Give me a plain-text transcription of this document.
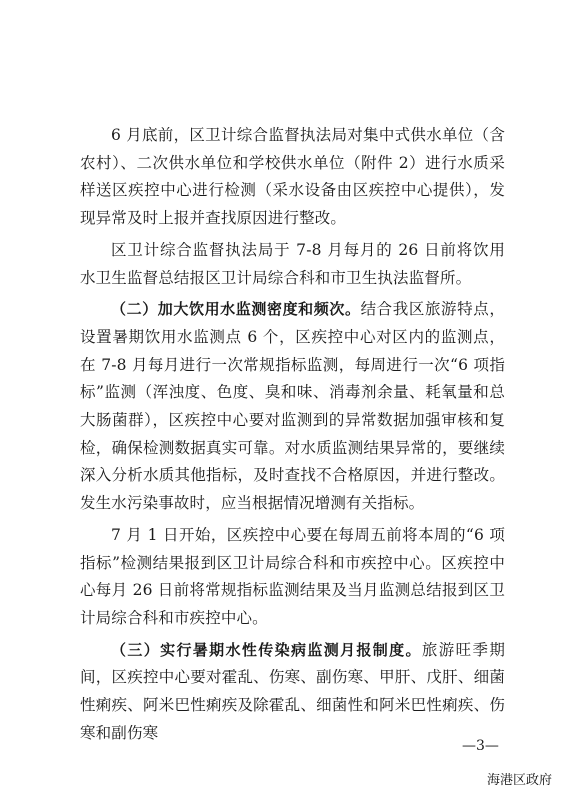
6 月底前，区卫计综合监督执法局对集中式供水单位（含农村）、二次供水单位和学校供水单位（附件 2）进行水质采样送区疾控中心进行检测（采水设备由区疾控中心提供），发现异常及时上报并查找原因进行整改。

区卫计综合监督执法局于 7-8 月每月的 26 日前将饮用水卫生监督总结报区卫计局综合科和市卫生执法监督所。

（二）加大饮用水监测密度和频次。结合我区旅游特点，设置暑期饮用水监测点 6 个，区疾控中心对区内的监测点，在 7-8 月每月进行一次常规指标监测，每周进行一次“6 项指标”监测（浑浊度、色度、臭和味、消毒剂余量、耗氧量和总大肠菌群），区疾控中心要对监测到的异常数据加强审核和复检，确保检测数据真实可靠。对水质监测结果异常的，要继续深入分析水质其他指标，及时查找不合格原因，并进行整改。发生水污染事故时，应当根据情况增测有关指标。

7 月 1 日开始，区疾控中心要在每周五前将本周的“6 项指标”检测结果报到区卫计局综合科和市疾控中心。区疾控中心每月 26 日前将常规指标监测结果及当月监测总结报到区卫计局综合科和市疾控中心。

（三）实行暑期水性传染病监测月报制度。旅游旺季期间，区疾控中心要对霍乱、伤寒、副伤寒、甲肝、戊肝、细菌性痢疾、阿米巴性痢疾及除霍乱、细菌性和阿米巴性痢疾、伤寒和副伤寒

—3—
海港区政府
